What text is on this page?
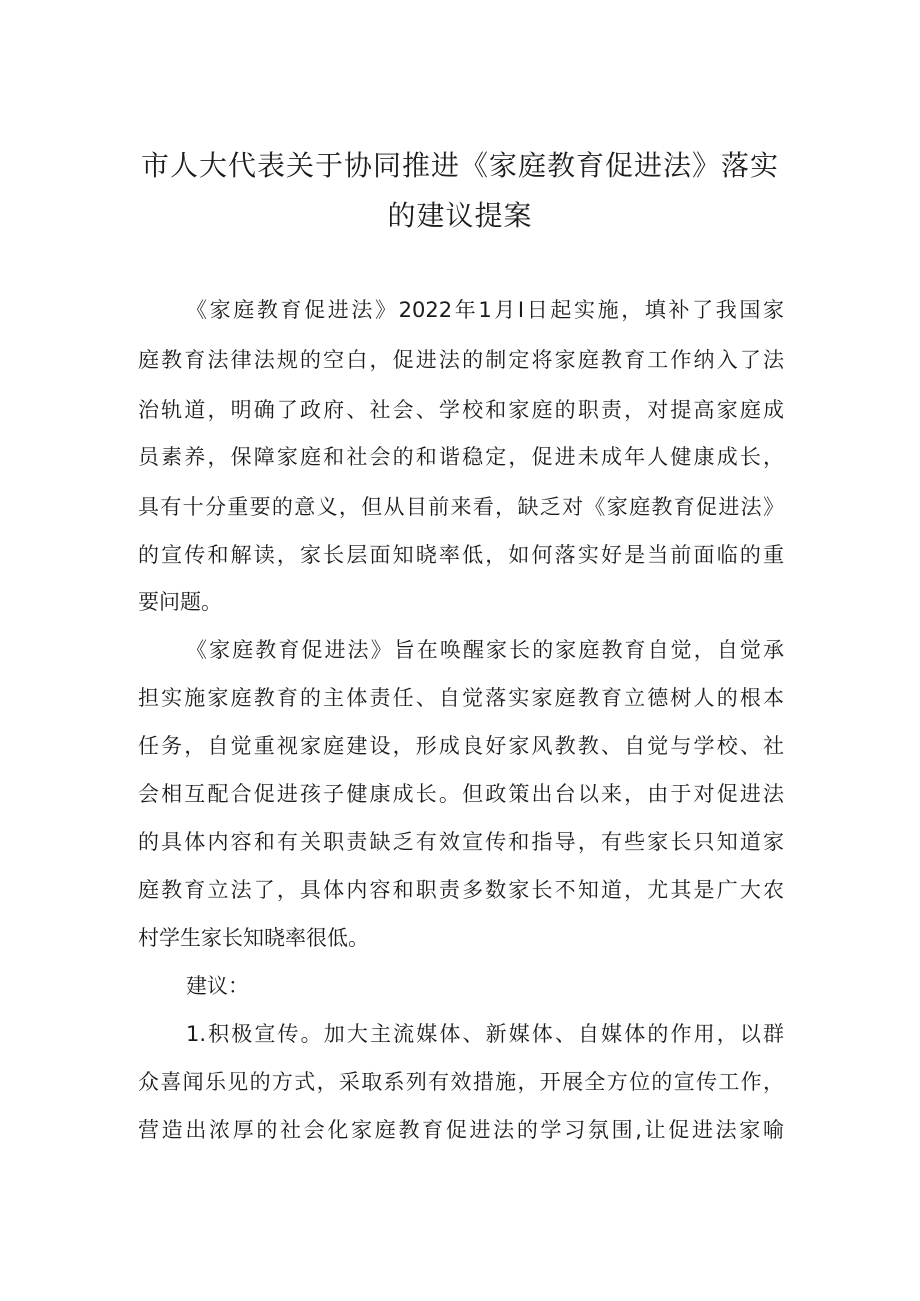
市人大代表关于协同推进《家庭教育促进法》落实
的建议提案
《家庭教育促进法》2022年1月I日起实施，填补了我国家
庭教育法律法规的空白，促进法的制定将家庭教育工作纳入了法
治轨道，明确了政府、社会、学校和家庭的职责，对提高家庭成
员素养，保障家庭和社会的和谐稳定，促进未成年人健康成长，
具有十分重要的意义，但从目前来看，缺乏对《家庭教育促进法》
的宣传和解读，家长层面知晓率低，如何落实好是当前面临的重
要问题。
《家庭教育促进法》旨在唤醒家长的家庭教育自觉，自觉承
担实施家庭教育的主体责任、自觉落实家庭教育立德树人的根本
任务，自觉重视家庭建设，形成良好家风教教、自觉与学校、社
会相互配合促进孩子健康成长。但政策出台以来，由于对促进法
的具体内容和有关职责缺乏有效宣传和指导，有些家长只知道家
庭教育立法了，具体内容和职责多数家长不知道，尤其是广大农
村学生家长知晓率很低。
建议：
1.积极宣传。加大主流媒体、新媒体、自媒体的作用，以群
众喜闻乐见的方式，采取系列有效措施，开展全方位的宣传工作，
营造出浓厚的社会化家庭教育促进法的学习氛围,让促进法家喻
